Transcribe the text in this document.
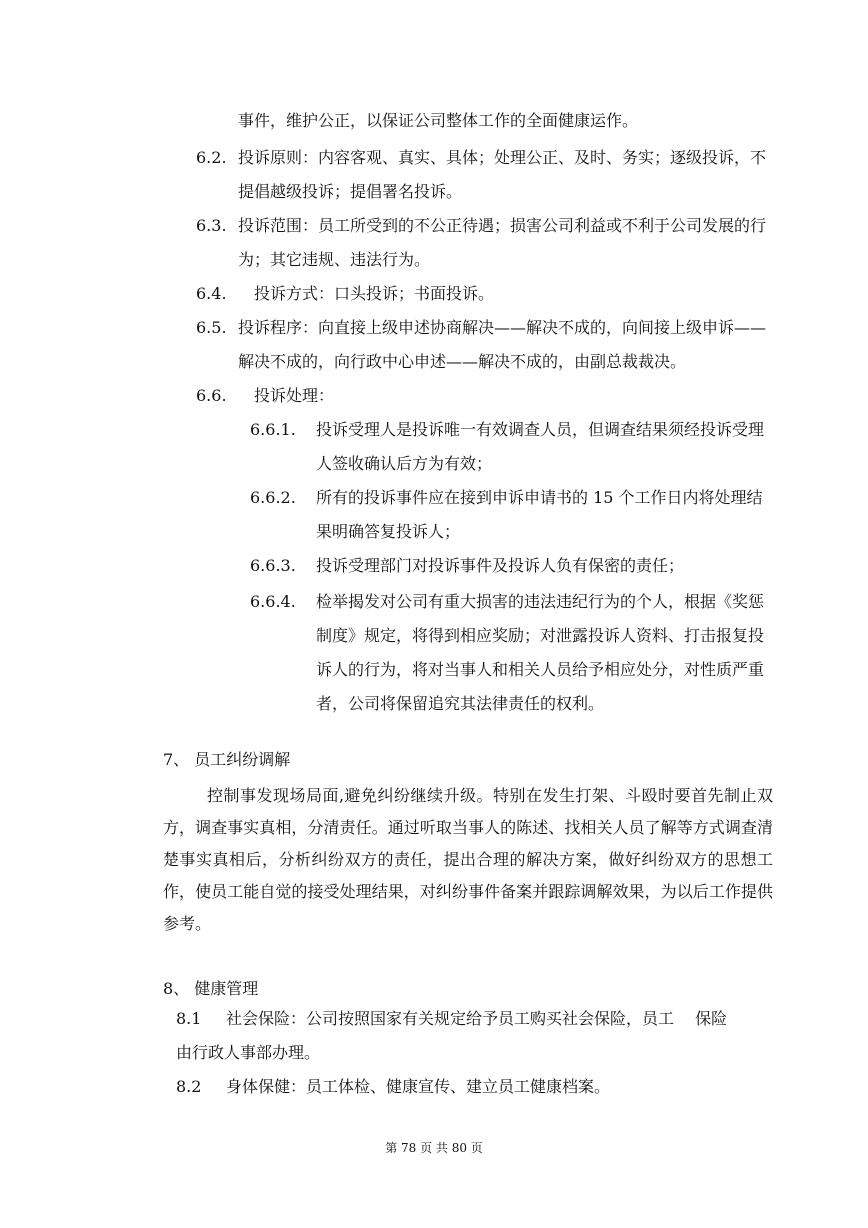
事件，维护公正，以保证公司整体工作的全面健康运作。
6.2. 投诉原则：内容客观、真实、具体；处理公正、及时、务实；逐级投诉，不提倡越级投诉；提倡署名投诉。
6.3. 投诉范围：员工所受到的不公正待遇；损害公司利益或不利于公司发展的行为；其它违规、违法行为。
6.4. 投诉方式：口头投诉；书面投诉。
6.5. 投诉程序：向直接上级申述协商解决——解决不成的，向间接上级申诉——解决不成的，向行政中心申述——解决不成的，由副总裁裁决。
6.6. 投诉处理：
6.6.1. 投诉受理人是投诉唯一有效调查人员，但调查结果须经投诉受理人签收确认后方为有效；
6.6.2. 所有的投诉事件应在接到申诉申请书的 15 个工作日内将处理结果明确答复投诉人；
6.6.3. 投诉受理部门对投诉事件及投诉人负有保密的责任；
6.6.4. 检举揭发对公司有重大损害的违法违纪行为的个人，根据《奖惩制度》规定，将得到相应奖励；对泄露投诉人资料、打击报复投诉人的行为，将对当事人和相关人员给予相应处分，对性质严重者，公司将保留追究其法律责任的权利。
7、 员工纠纷调解
控制事发现场局面,避免纠纷继续升级。特别在发生打架、斗殴时要首先制止双方，调查事实真相，分清责任。通过听取当事人的陈述、找相关人员了解等方式调查清楚事实真相后，分析纠纷双方的责任，提出合理的解决方案，做好纠纷双方的思想工作，使员工能自觉的接受处理结果，对纠纷事件备案并跟踪调解效果，为以后工作提供参考。
8、 健康管理
8.1 社会保险：公司按照国家有关规定给予员工购买社会保险，员工　 保险
由行政人事部办理。
8.2 身体保健：员工体检、健康宣传、建立员工健康档案。
第 78 页 共 80 页
